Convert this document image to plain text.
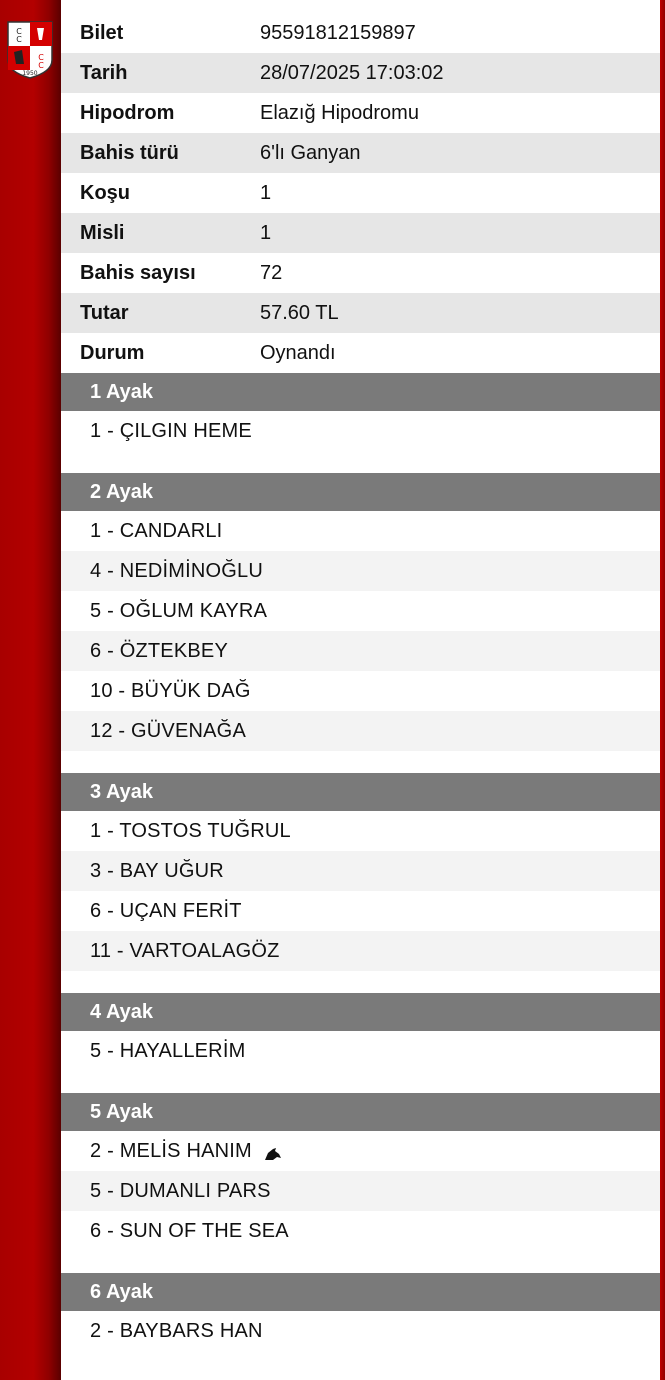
C
C
C
C
1950
Bilet	95591812159897
Tarih	28/07/2025 17:03:02
Hipodrom	Elazığ Hipodromu
Bahis türü	6'lı Ganyan
Koşu	1
Misli	1
Bahis sayısı	72
Tutar	57.60 TL
Durum	Oynandı
1 Ayak
1 - ÇILGIN HEME
2 Ayak
1 - CANDARLI
4 - NEDİMİNOĞLU
5 - OĞLUM KAYRA
6 - ÖZTEKBEY
10 - BÜYÜK DAĞ
12 - GÜVENAĞA
3 Ayak
1 - TOSTOS TUĞRUL
3 - BAY UĞUR
6 - UÇAN FERİT
11 - VARTOALAGÖZ
4 Ayak
5 - HAYALLERİM
5 Ayak
2 - MELİS HANIM
5 - DUMANLI PARS
6 - SUN OF THE SEA
6 Ayak
2 - BAYBARS HAN
